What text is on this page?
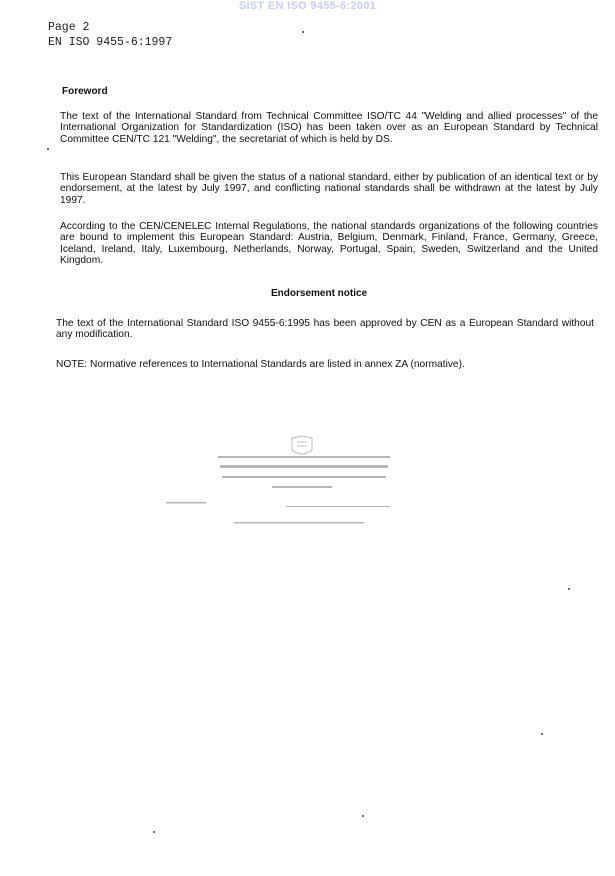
SIST EN ISO 9455-6:2001
Page 2
EN ISO 9455-6:1997
Foreword
The text of the International Standard from Technical Committee ISO/TC 44 "Welding and allied processes" of the International Organization for Standardization (ISO) has been taken over as an European Standard by Technical Committee CEN/TC 121 "Welding", the secretariat of which is held by DS.
This European Standard shall be given the status of a national standard, either by publication of an identical text or by endorsement, at the latest by July 1997, and conflicting national standards shall be withdrawn at the latest by July 1997.
According to the CEN/CENELEC Internal Regulations, the national standards organizations of the following countries are bound to implement this European Standard: Austria, Belgium, Denmark, Finland, France, Germany, Greece, Iceland, Ireland, Italy, Luxembourg, Netherlands, Norway, Portugal, Spain, Sweden, Switzerland and the United Kingdom.
Endorsement notice
The text of the International Standard ISO 9455-6:1995 has been approved by CEN as a European Standard without any modification.
NOTE: Normative references to International Standards are listed in annex ZA (normative).
